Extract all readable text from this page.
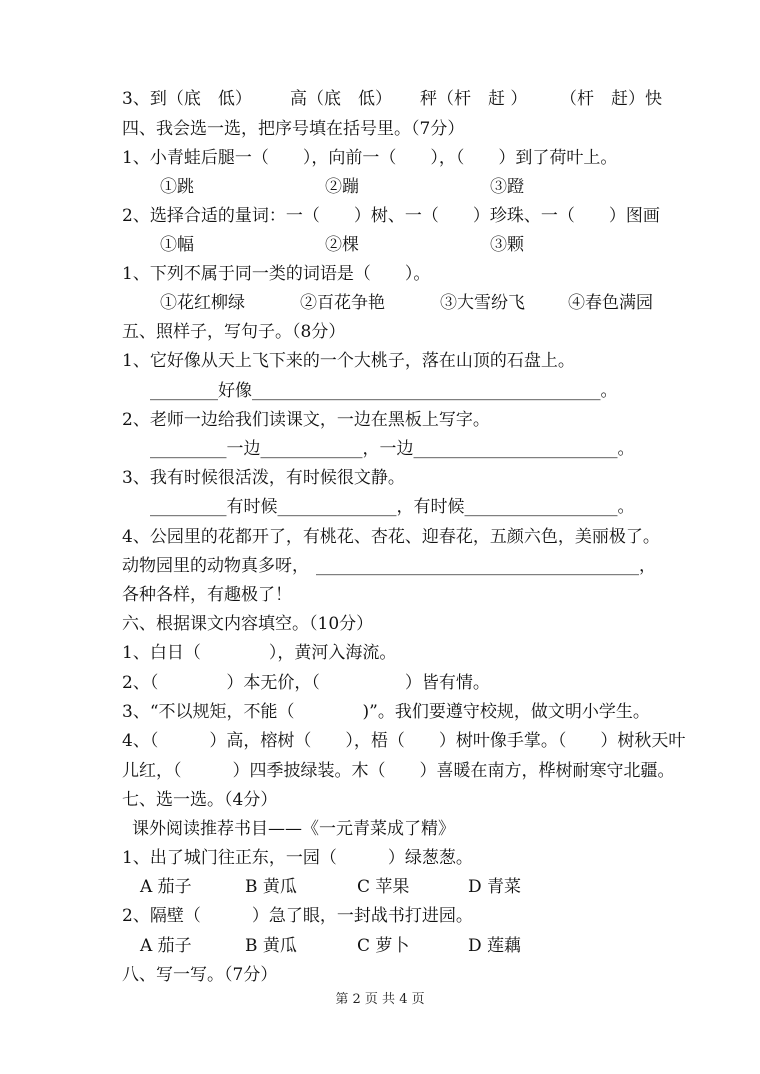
3、到（底　低） 高（底　低） 秤（杆　赶 ） （杆　赶）快
四、我会选一选，把序号填在括号里。（7分）
1、小青蛙后腿一（　　），向前一（　　），（　　）到了荷叶上。
①跳	②蹦	③蹬
2、选择合适的量词：一（　　）树、一（　　）珍珠、一（　　）图画
①幅	②棵	③颗
1、下列不属于同一类的词语是（　　）。
①花红柳绿	②百花争艳	③大雪纷飞	④春色满园
五、照样子，写句子。（8分）
1、它好像从天上飞下来的一个大桃子，落在山顶的石盘上。
________好像_________________________________________。
2、老师一边给我们读课文，一边在黑板上写字。
_________一边____________，一边________________________。
3、我有时候很活泼，有时候很文静。
_________有时候______________，有时候__________________。
4、公园里的花都开了，有桃花、杏花、迎春花，五颜六色，美丽极了。
动物园里的动物真多呀， ______________________________________，
各种各样，有趣极了！
六、根据课文内容填空。（10分）
1、白日（　　　　），黄河入海流。
2、（　　　　）本无价，（　　　　　）皆有情。
3、“不以规矩，不能（　　　　)”。我们要遵守校规，做文明小学生。
4、（　　　）高，榕树（　　），梧（　　）树叶像手掌。（　　）树秋天叶
儿红，（　　　）四季披绿装。木（　　）喜暖在南方，桦树耐寒守北疆。
七、选一选。（4分）
课外阅读推荐书目——《一元青菜成了精》
1、出了城门往正东，一园（　　　）绿葱葱。
A 茄子	B 黄瓜	C 苹果	D 青菜
2、隔壁（　　　）急了眼，一封战书打进园。
A 茄子	B 黄瓜	C 萝卜	D 莲藕
八、写一写。（7分）
第 2 页 共 4 页
